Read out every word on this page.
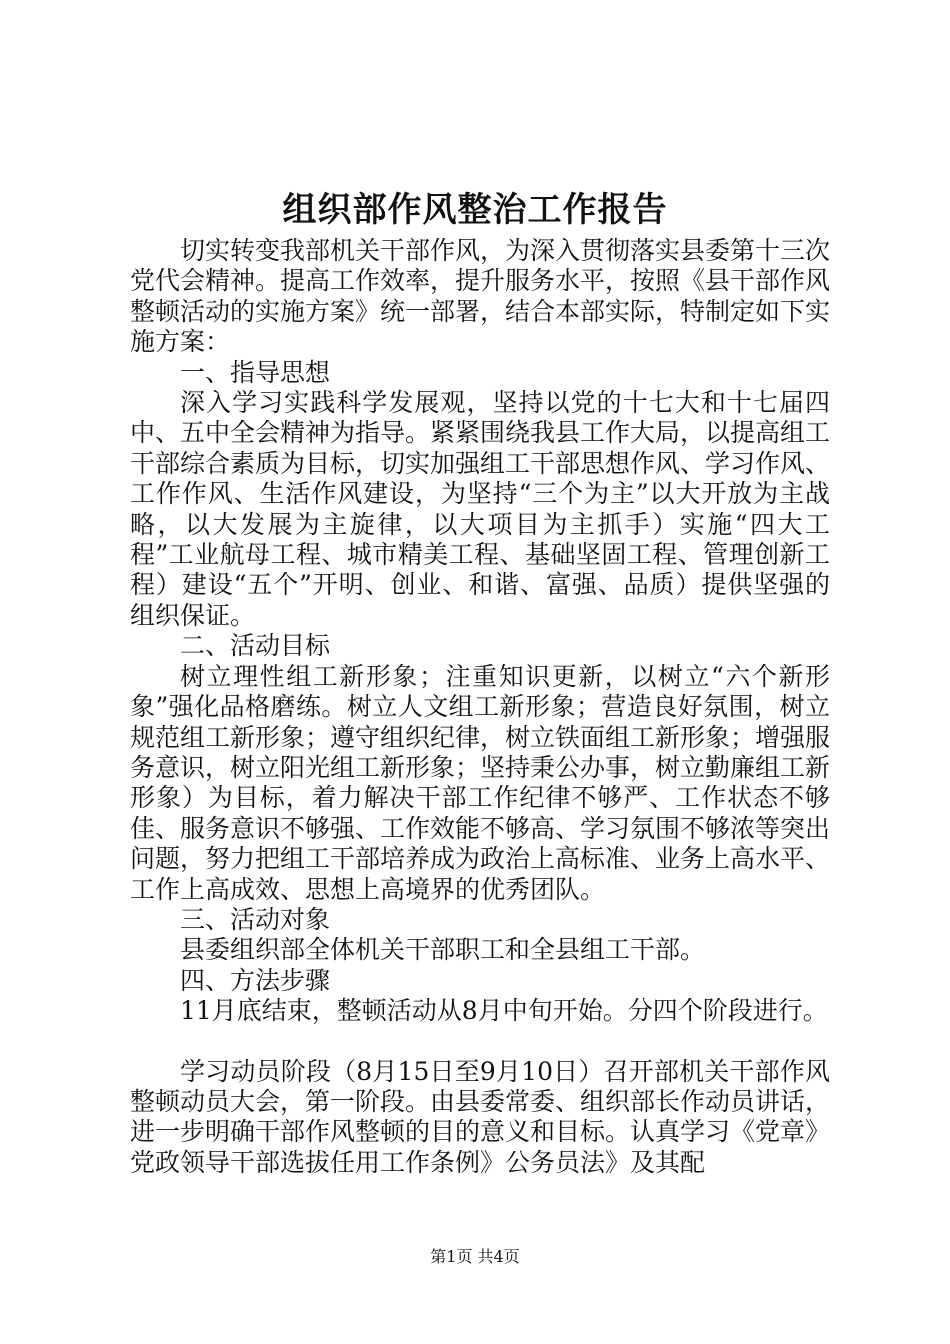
组织部作风整治工作报告

切实转变我部机关干部作风，为深入贯彻落实县委第十三次党代会精神。提高工作效率，提升服务水平，按照《县干部作风整顿活动的实施方案》统一部署，结合本部实际，特制定如下实施方案：

一、指导思想

深入学习实践科学发展观，坚持以党的十七大和十七届四中、五中全会精神为指导。紧紧围绕我县工作大局，以提高组工干部综合素质为目标，切实加强组工干部思想作风、学习作风、工作作风、生活作风建设，为坚持“三个为主”以大开放为主战略，以大发展为主旋律，以大项目为主抓手）实施“四大工程”工业航母工程、城市精美工程、基础坚固工程、管理创新工程）建设“五个”开明、创业、和谐、富强、品质）提供坚强的组织保证。

二、活动目标

树立理性组工新形象；注重知识更新，以树立“六个新形象”强化品格磨练。树立人文组工新形象；营造良好氛围，树立规范组工新形象；遵守组织纪律，树立铁面组工新形象；增强服务意识，树立阳光组工新形象；坚持秉公办事，树立勤廉组工新形象）为目标，着力解决干部工作纪律不够严、工作状态不够佳、服务意识不够强、工作效能不够高、学习氛围不够浓等突出问题，努力把组工干部培养成为政治上高标准、业务上高水平、工作上高成效、思想上高境界的优秀团队。

三、活动对象

县委组织部全体机关干部职工和全县组工干部。

四、方法步骤

11月底结束，整顿活动从8月中旬开始。分四个阶段进行。

学习动员阶段（8月15日至9月10日）召开部机关干部作风整顿动员大会，第一阶段。由县委常委、组织部长作动员讲话，进一步明确干部作风整顿的目的意义和目标。认真学习《党章》党政领导干部选拔任用工作条例》公务员法》及其配

第1页 共4页
